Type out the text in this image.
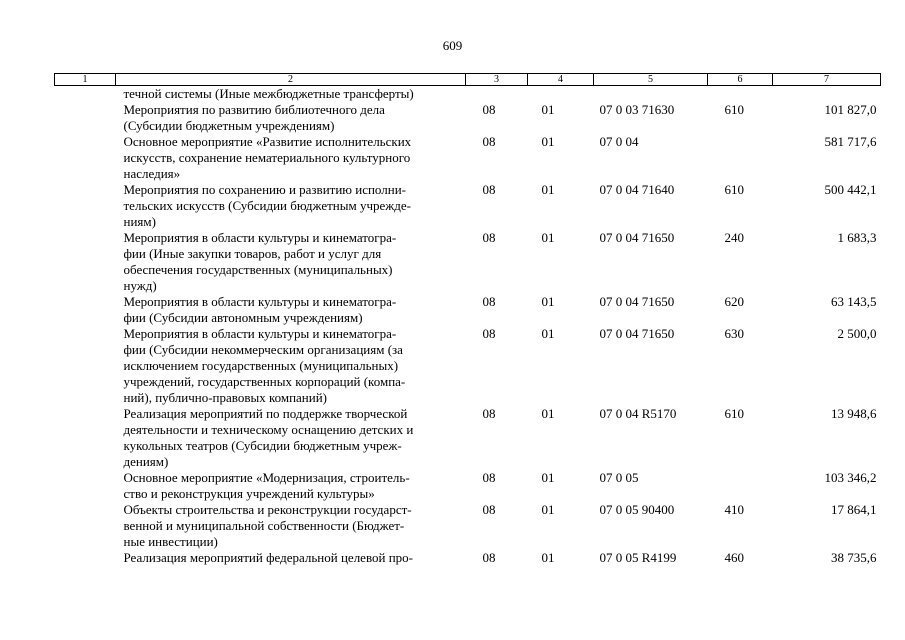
609
1	2	3	4	5	6	7

	течной системы (Иные межбюджетные трансферты)					

	Мероприятия по развитию библиотечного дела
(Субсидии бюджетным учреждениям)	08	01	07 0 03 71630	610	101 827,0

	Основное мероприятие «Развитие исполнительских
искусств, сохранение нематериального культурного
наследия»	08	01	07 0 04		581 717,6

	Мероприятия по сохранению и развитию исполни-
тельских искусств (Субсидии бюджетным учрежде-
ниям)	08	01	07 0 04 71640	610	500 442,1

	Мероприятия в области культуры и кинематогра-
фии (Иные закупки товаров, работ и услуг для
обеспечения государственных (муниципальных)
нужд)	08	01	07 0 04 71650	240	1 683,3

	Мероприятия в области культуры и кинематогра-
фии (Субсидии автономным учреждениям)	08	01	07 0 04 71650	620	63 143,5

	Мероприятия в области культуры и кинематогра-
фии (Субсидии некоммерческим организациям (за
исключением государственных (муниципальных)
учреждений, государственных корпораций (компа-
ний), публично-правовых компаний)	08	01	07 0 04 71650	630	2 500,0

	Реализация мероприятий по поддержке творческой
деятельности и техническому оснащению детских и
кукольных театров (Субсидии бюджетным учреж-
дениям)	08	01	07 0 04 R5170	610	13 948,6

	Основное мероприятие «Модернизация, строитель-
ство и реконструкция учреждений культуры»	08	01	07 0 05		103 346,2

	Объекты строительства и реконструкции государст-
венной и муниципальной собственности (Бюджет-
ные инвестиции)	08	01	07 0 05 90400	410	17 864,1

	Реализация мероприятий федеральной целевой про-	08	01	07 0 05 R4199	460	38 735,6
